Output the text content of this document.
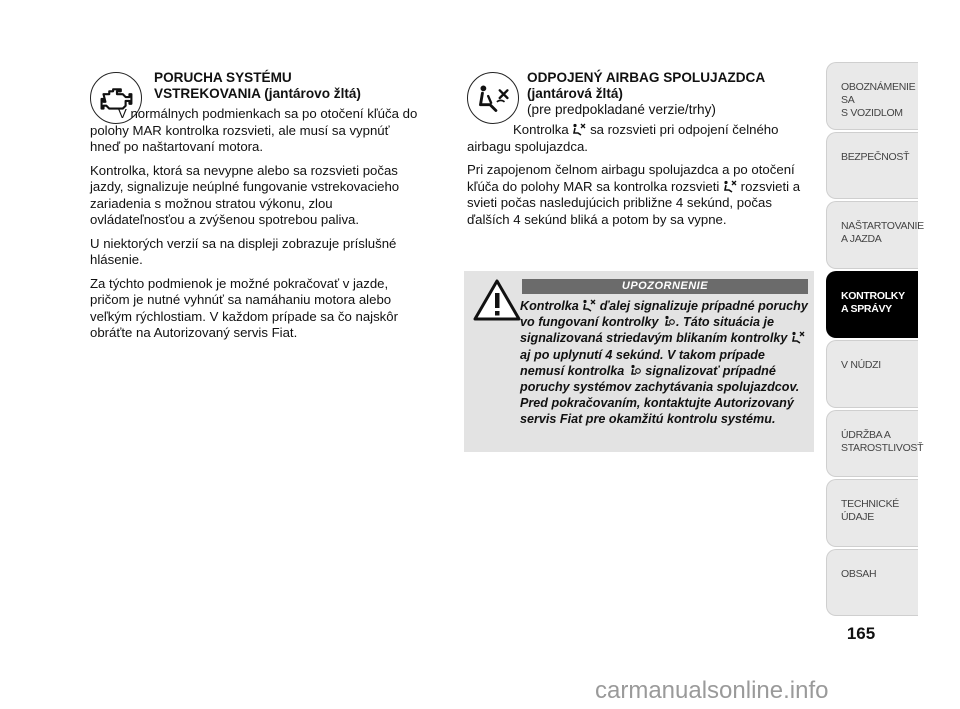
PORUCHA SYSTÉMU
VSTREKOVANIA (jantárovo žltá)

V normálnych podmienkach sa po otočení kľúča do polohy MAR kontrolka rozsvieti, ale musí sa vypnúť hneď po naštartovaní motora.

Kontrolka, ktorá sa nevypne alebo sa rozsvieti počas jazdy, signalizuje neúplné fungovanie vstrekovacieho zariadenia s možnou stratou výkonu, zlou ovládateľnosťou a zvýšenou spotrebou paliva.

U niektorých verzií sa na displeji zobrazuje príslušné hlásenie.

Za týchto podmienok je možné pokračovať v jazde, pričom je nutné vyhnúť sa namáhaniu motora alebo veľkým rýchlostiam. V každom prípade sa čo najskôr obráťte na Autorizovaný servis Fiat.

ODPOJENÝ AIRBAG SPOLUJAZDCA
(jantárová žltá)
(pre predpokladané verzie/trhy)

Kontrolka sa rozsvieti pri odpojení čelného airbagu spolujazdca.

Pri zapojenom čelnom airbagu spolujazdca a po otočení kľúča do polohy MAR sa kontrolka rozsvieti rozsvieti a svieti počas nasledujúcich približne 4 sekúnd, počas ďalších 4 sekúnd bliká a potom by sa vypne.

UPOZORNENIE
Kontrolka ďalej signalizuje prípadné poruchy vo fungovaní kontrolky . Táto situácia je signalizovaná striedavým blikaním kontrolky
aj po uplynutí 4 sekúnd. V takom prípade nemusí kontrolka signalizovať prípadné poruchy systémov zachytávania spolujazdcov. Pred pokračovaním, kontaktujte Autorizovaný servis Fiat pre okamžitú kontrolu systému.
OBOZNÁMENIE SA
S VOZIDLOM
BEZPEČNOSŤ
NAŠTARTOVANIE
A JAZDA
KONTROLKY
A SPRÁVY
V NÚDZI
ÚDRŽBA A
STAROSTLIVOSŤ
TECHNICKÉ
ÚDAJE
OBSAH
165
carmanualsonline.info
